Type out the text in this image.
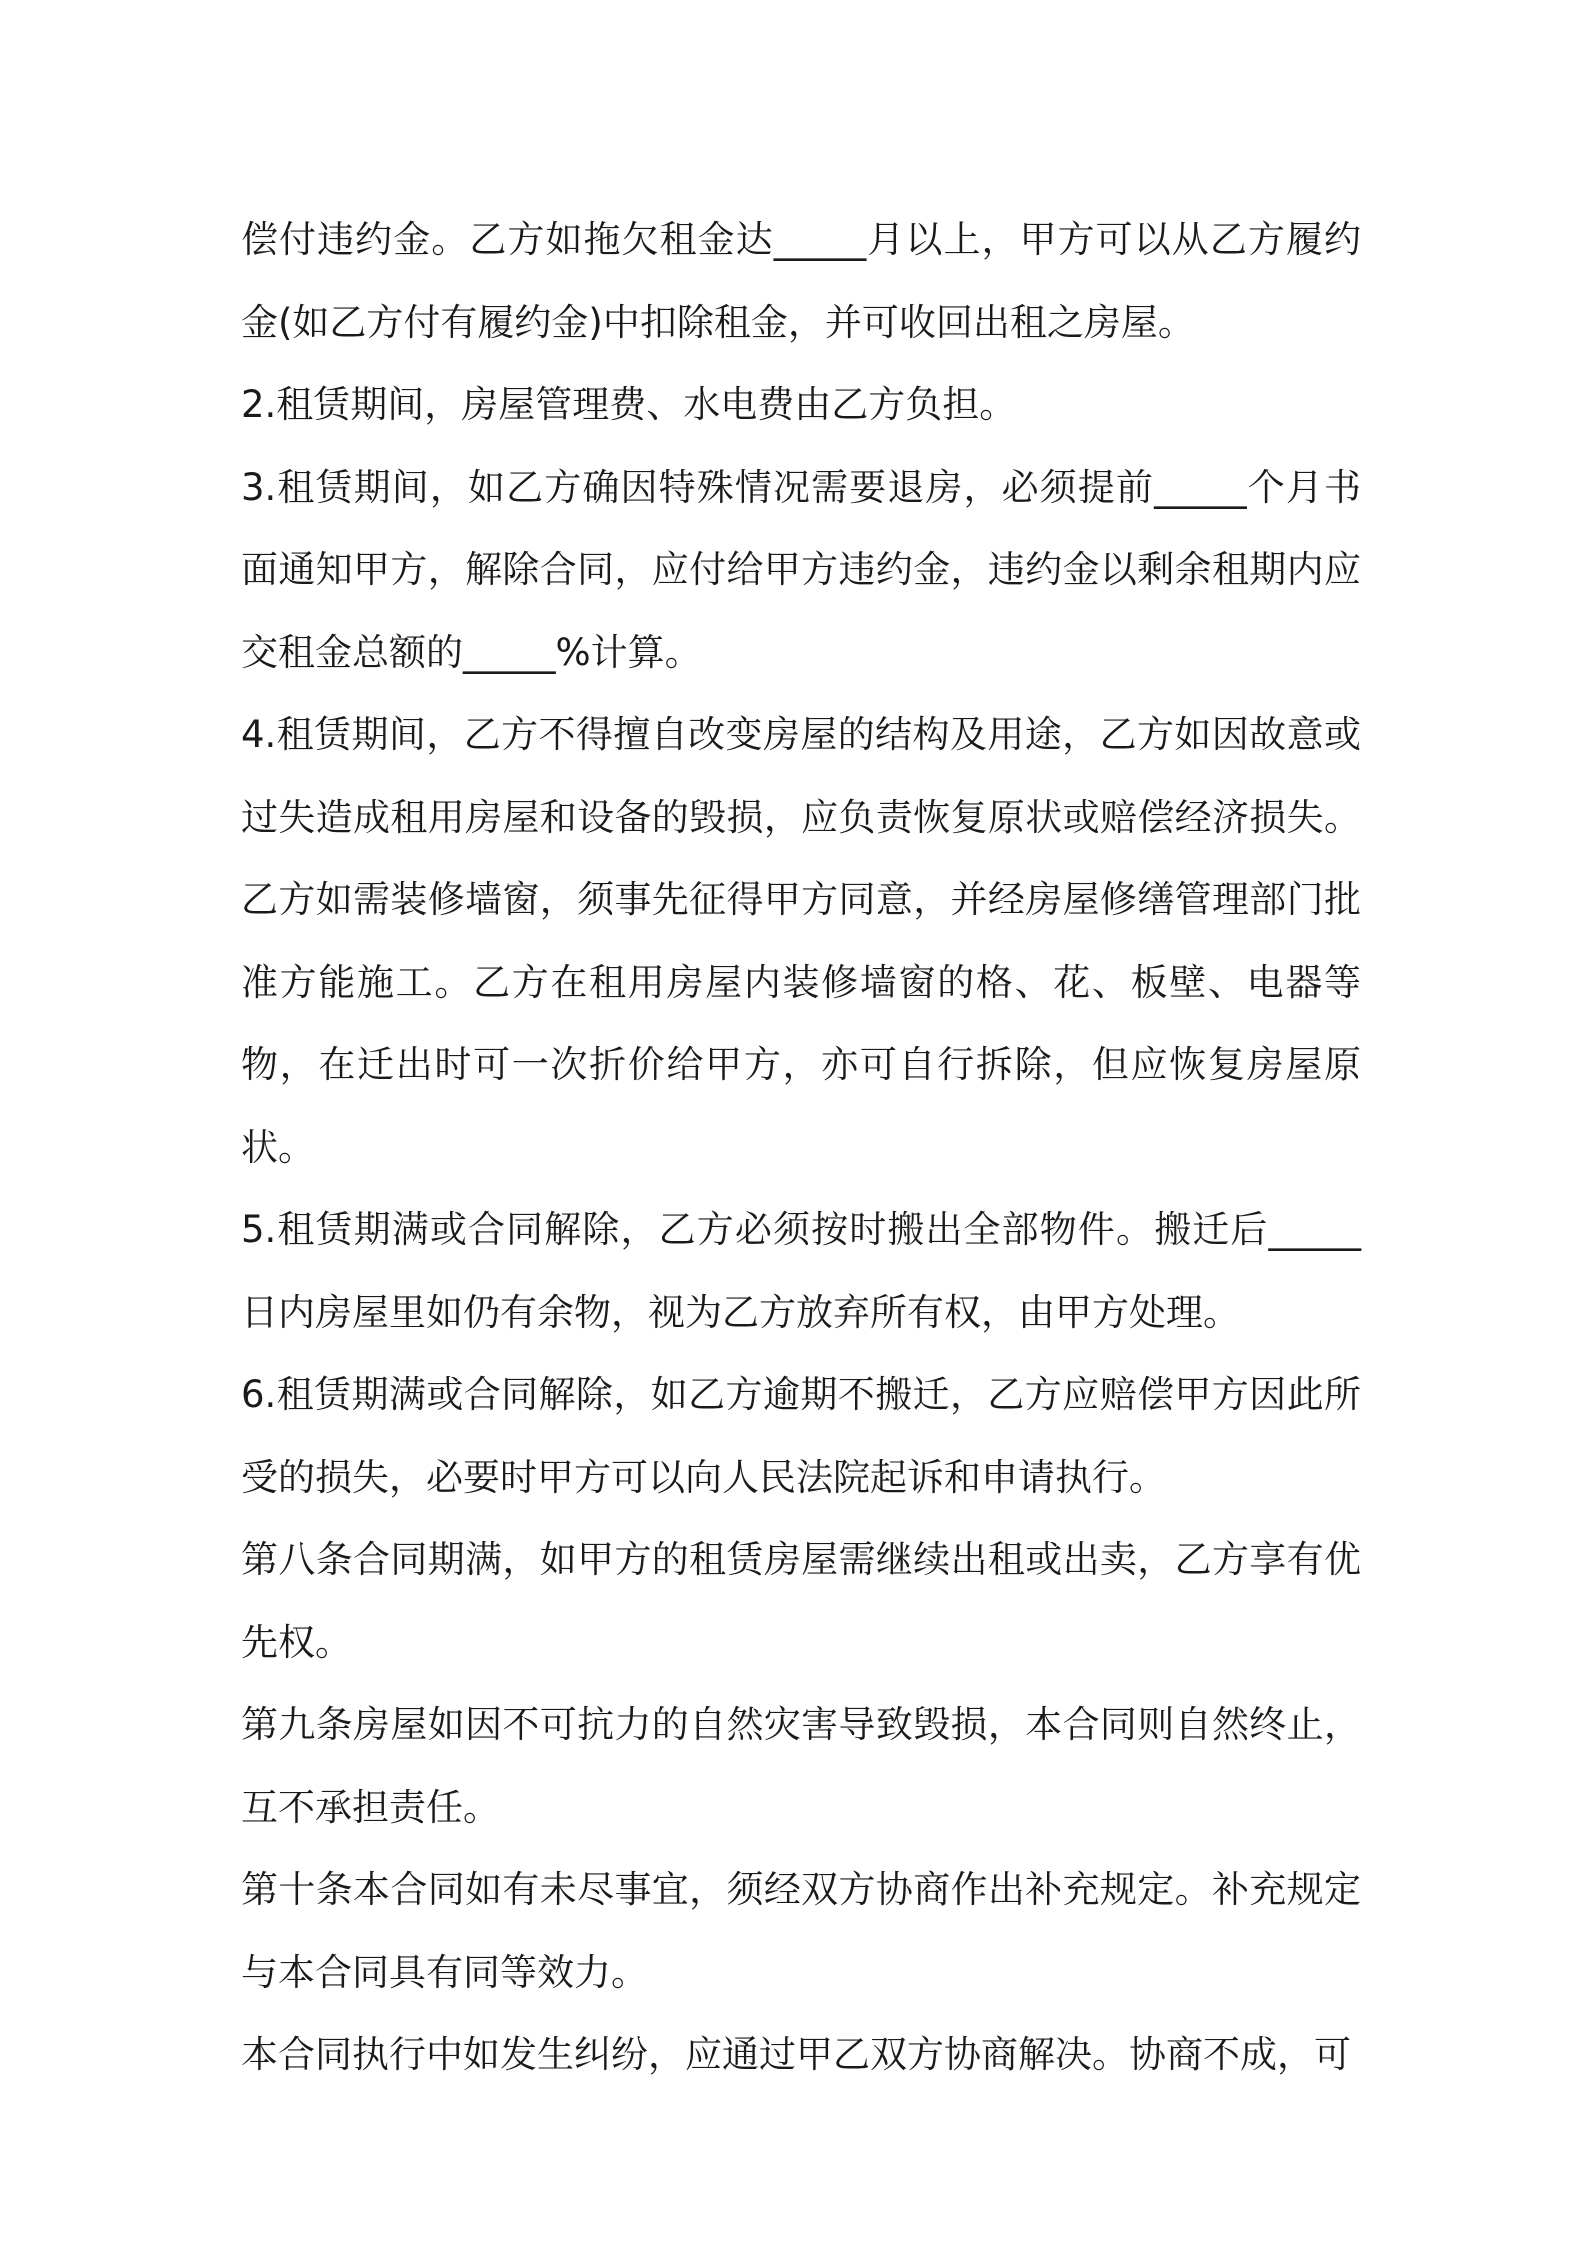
偿付违约金。乙方如拖欠租金达_____月以上，甲方可以从乙方履约金(如乙方付有履约金)中扣除租金，并可收回出租之房屋。

2.租赁期间，房屋管理费、水电费由乙方负担。

3.租赁期间，如乙方确因特殊情况需要退房，必须提前_____个月书面通知甲方，解除合同，应付给甲方违约金，违约金以剩余租期内应交租金总额的_____%计算。

4.租赁期间，乙方不得擅自改变房屋的结构及用途，乙方如因故意或过失造成租用房屋和设备的毁损，应负责恢复原状或赔偿经济损失。乙方如需装修墙窗，须事先征得甲方同意，并经房屋修缮管理部门批准方能施工。乙方在租用房屋内装修墙窗的格、花、板壁、电器等物，在迁出时可一次折价给甲方，亦可自行拆除，但应恢复房屋原状。

5.租赁期满或合同解除，乙方必须按时搬出全部物件。搬迁后_____日内房屋里如仍有余物，视为乙方放弃所有权，由甲方处理。

6.租赁期满或合同解除，如乙方逾期不搬迁，乙方应赔偿甲方因此所受的损失，必要时甲方可以向人民法院起诉和申请执行。

第八条合同期满，如甲方的租赁房屋需继续出租或出卖，乙方享有优先权。

第九条房屋如因不可抗力的自然灾害导致毁损，本合同则自然终止，互不承担责任。

第十条本合同如有未尽事宜，须经双方协商作出补充规定。补充规定与本合同具有同等效力。

本合同执行中如发生纠纷，应通过甲乙双方协商解决。协商不成，可
